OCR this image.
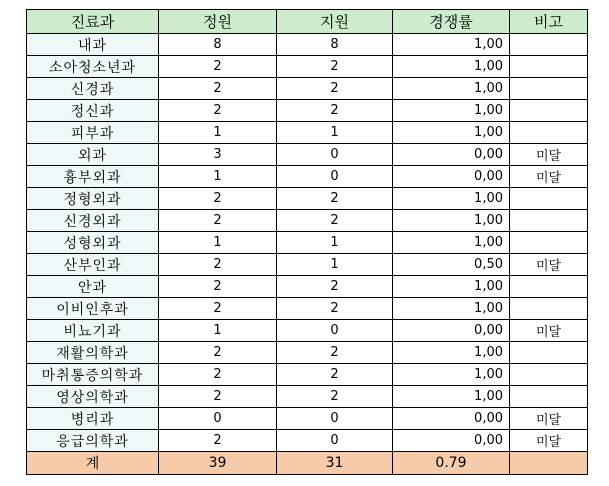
진료과	정원	지원	경쟁률	비고
내과	8	8	1,00	
소아청소년과	2	2	1,00	
신경과	2	2	1,00	
정신과	2	2	1,00	
피부과	1	1	1,00	
외과	3	0	0,00	미달
흉부외과	1	0	0,00	미달
정형외과	2	2	1,00	
신경외과	2	2	1,00	
성형외과	1	1	1,00	
산부인과	2	1	0,50	미달
안과	2	2	1,00	
이비인후과	2	2	1,00	
비뇨기과	1	0	0,00	미달
재활의학과	2	2	1,00	
마취통증의학과	2	2	1,00	
영상의학과	2	2	1,00	
병리과	0	0	0,00	미달
응급의학과	2	0	0,00	미달
계	39	31	0.79	
